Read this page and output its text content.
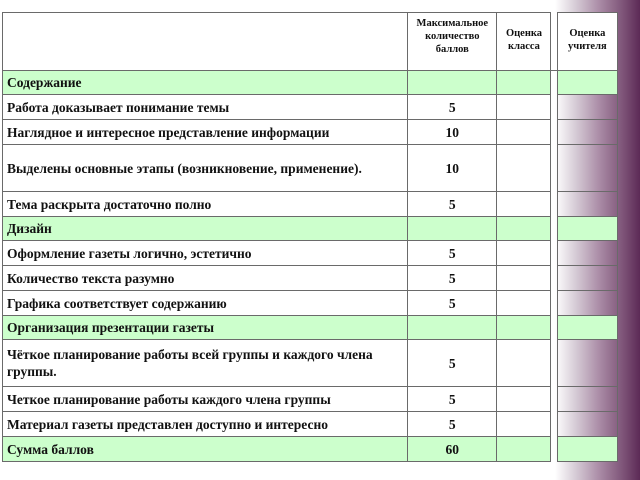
	Максимальное количество баллов	Оценка класса		Оценка учителя
Содержание				
Работа доказывает понимание темы	5			
Наглядное и интересное представление информации	10			
Выделены основные этапы (возникновение, применение).	10			
Тема раскрыта достаточно полно	5			
Дизайн				
Оформление газеты логично, эстетично	5			
Количество текста разумно	5			
Графика соответствует содержанию	5			
Организация презентации газеты				
Чёткое планирование работы всей группы и каждого члена группы.	5			
Четкое планирование работы каждого члена группы	5			
Материал газеты представлен доступно и интересно	5			
Сумма баллов	60			
